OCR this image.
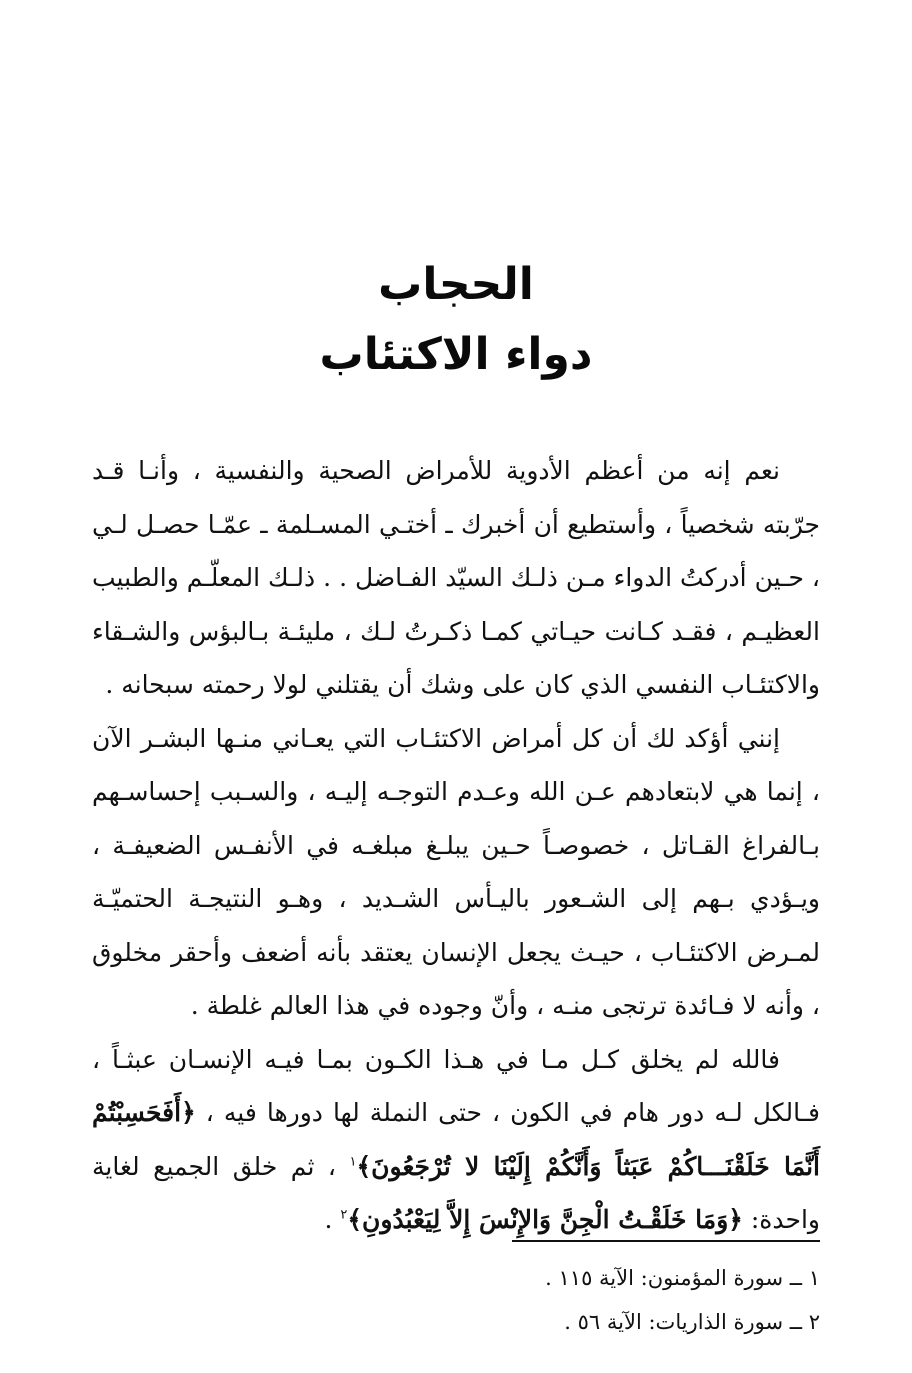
الحجاب
دواء الاكتئاب

نعم إنه من أعظم الأدوية للأمراض الصحية والنفسية ، وأنـا قـد جرّبته شخصياً ، وأستطيع أن أخبرك ـ أختـي المسـلمة ـ عمّـا حصـل لـي ، حـين أدركتُ الدواء مـن ذلـك السيّد الفـاضل . . ذلـك المعلّـم والطبيب العظيـم ، فقـد كـانت حيـاتي كمـا ذكـرتُ لـك ، مليئـة بـالبؤس والشـقاء والاكتئـاب النفسي الذي كان على وشك أن يقتلني لولا رحمته سبحانه .

إنني أؤكد لك أن كل أمراض الاكتئـاب التي يعـاني منـها البشـر الآن ، إنما هي لابتعادهم عـن الله وعـدم التوجـه إليـه ، والسـبب إحساسـهم بـالفراغ القـاتل ، خصوصـاً حـين يبلـغ مبلغـه في الأنفـس الضعيفـة ، ويـؤدي بـهم إلى الشـعور باليـأس الشـديد ، وهـو النتيجـة الحتميّـة لمـرض الاكتئـاب ، حيـث يجعل الإنسان يعتقد بأنه أضعف وأحقر مخلوق ، وأنه لا فـائدة ترتجى منـه ، وأنّ وجوده في هذا العالم غلطة .

فالله لم يخلق كـل مـا في هـذا الكـون بمـا فيـه الإنسـان عبثـاً ، فـالكل لـه دور هام في الكون ، حتى النملة لها دورها فيه ، ﴿أَفَحَسِبْتُمْ أَنَّمَا خَلَقْنَـــاكُمْ عَبَثاً وَأَنَّكُمْ إِلَيْنَا لا تُرْجَعُونَ﴾$^١$ ، ثم خلق الجميع لغاية واحدة: ﴿وَمَا خَلَقْـتُ الْجِنَّ وَالإِنْسَ إِلاَّ لِيَعْبُدُونِ﴾$^٢$ .

١ ــ سورة المؤمنون: الآية ١١٥ .

٢ ــ سورة الذاريات: الآية ٥٦ .
